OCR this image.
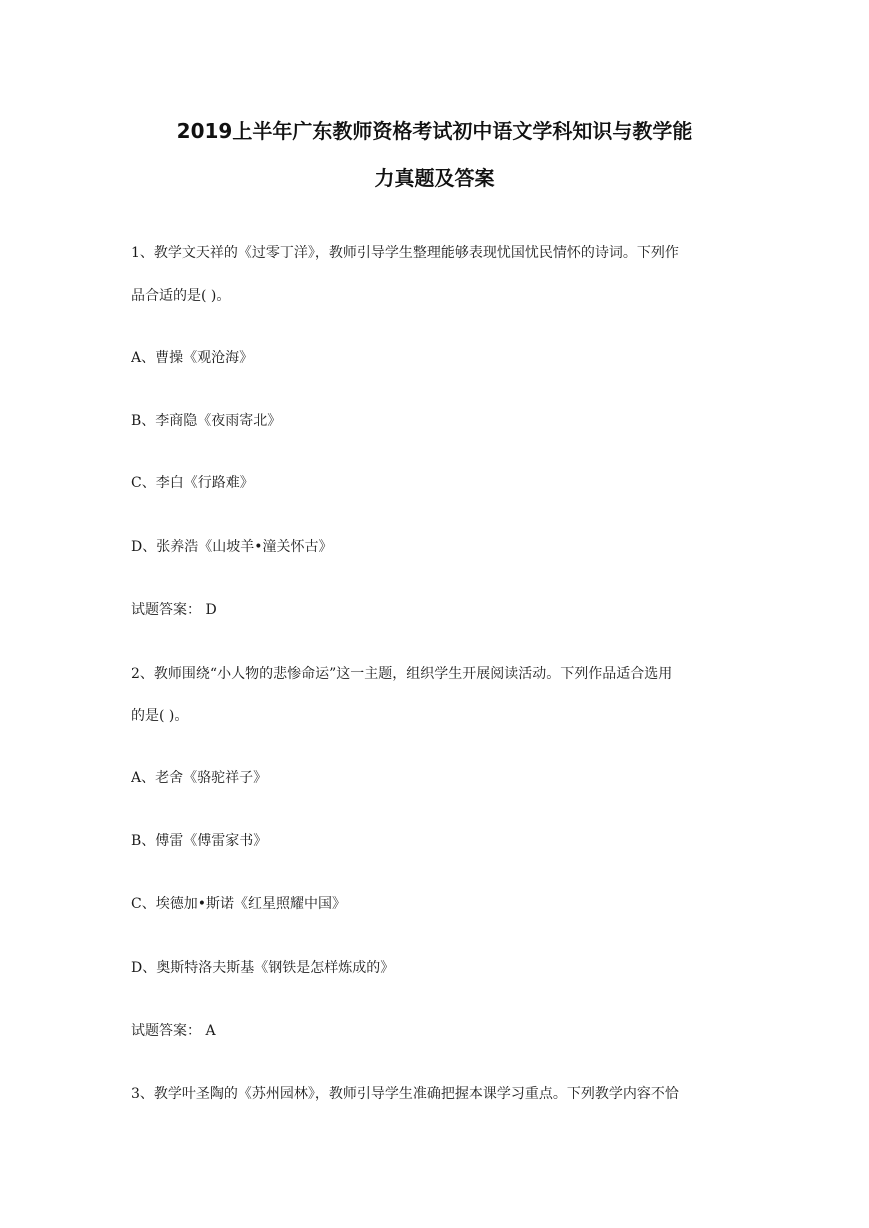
2019上半年广东教师资格考试初中语文学科知识与教学能
力真题及答案
1、教学文天祥的《过零丁洋》，教师引导学生整理能够表现忧国忧民情怀的诗词。下列作
品合适的是( )。
A、曹操《观沧海》
B、李商隐《夜雨寄北》
C、李白《行路难》
D、张养浩《山坡羊•潼关怀古》
试题答案： D
2、教师围绕“小人物的悲惨命运”这一主题，组织学生开展阅读活动。下列作品适合选用
的是( )。
A、老舍《骆驼祥子》
B、傅雷《傅雷家书》
C、埃德加•斯诺《红星照耀中国》
D、奥斯特洛夫斯基《钢铁是怎样炼成的》
试题答案： A
3、教学叶圣陶的《苏州园林》，教师引导学生准确把握本课学习重点。下列教学内容不恰
